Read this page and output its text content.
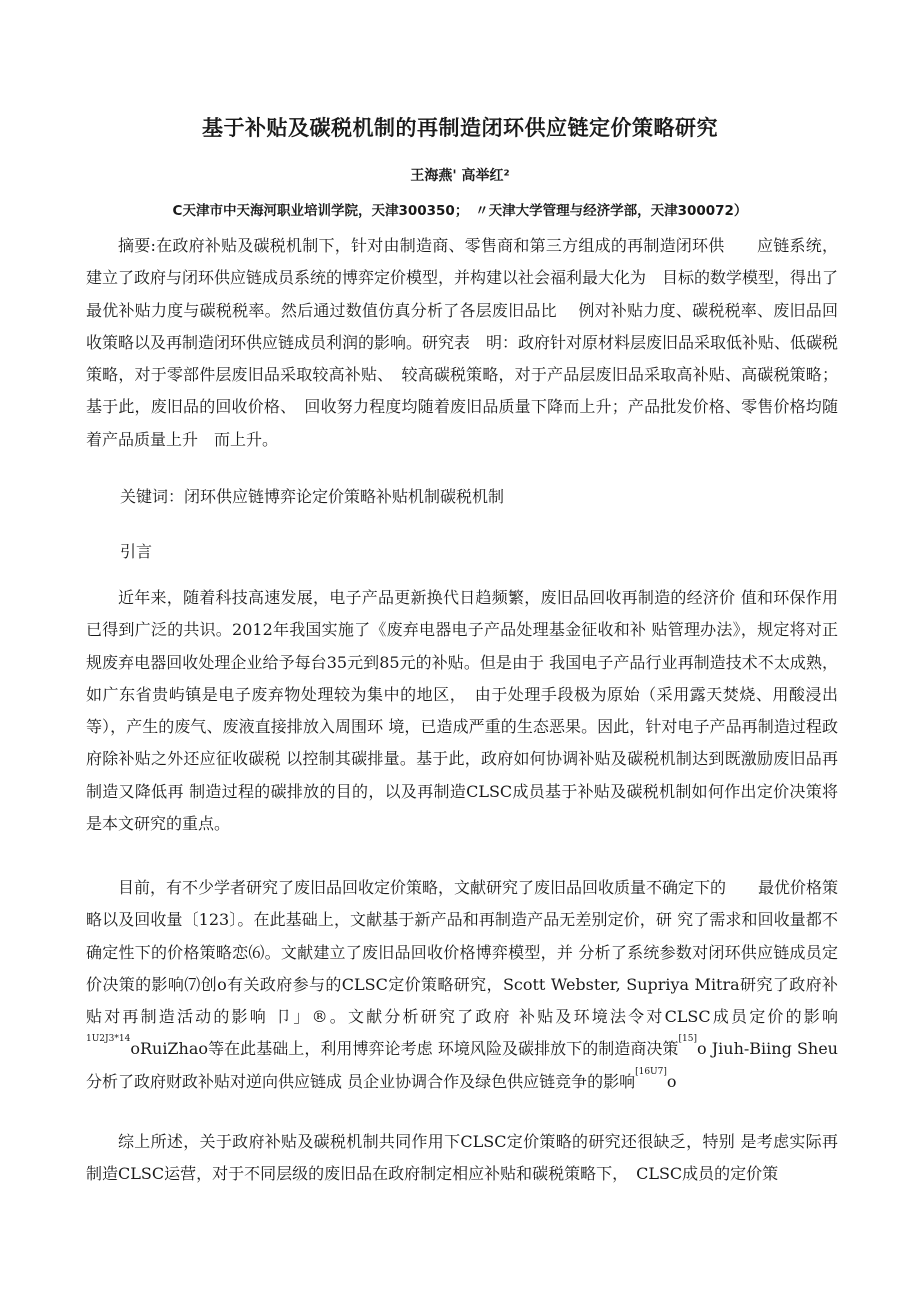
基于补贴及碳税机制的再制造闭环供应链定价策略研究
王海燕' 高举红²
C天津市中天海河职业培训学院，天津300350；　〃天津大学管理与经济学部，天津300072）

摘要:在政府补贴及碳税机制下，针对由制造商、零售商和第三方组成的再制造闭环供　　应链系统，建立了政府与闭环供应链成员系统的博弈定价模型，并构建以社会福利最大化为　目标的数学模型，得出了最优补贴力度与碳税税率。然后通过数值仿真分析了各层废旧品比　 例对补贴力度、碳税税率、废旧品回收策略以及再制造闭环供应链成员利润的影响。研究表　明：政府针对原材料层废旧品采取低补贴、低碳税策略，对于零部件层废旧品采取较高补贴、　较高碳税策略，对于产品层废旧品采取高补贴、高碳税策略；基于此，废旧品的回收价格、　回收努力程度均随着废旧品质量下降而上升；产品批发价格、零售价格均随着产品质量上升　而上升。

关键词：闭环供应链博弈论定价策略补贴机制碳税机制

引言

近年来，随着科技高速发展，电子产品更新换代日趋频繁，废旧品回收再制造的经济价 值和环保作用已得到广泛的共识。2012年我国实施了《废弃电器电子产品处理基金征收和补 贴管理办法》，规定将对正规废弃电器回收处理企业给予每台35元到85元的补贴。但是由于 我国电子产品行业再制造技术不太成熟，如广东省贵屿镇是电子废弃物处理较为集中的地区，　由于处理手段极为原始（采用露天焚烧、用酸浸出等），产生的废气、废液直接排放入周围环 境，已造成严重的生态恶果。因此，针对电子产品再制造过程政府除补贴之外还应征收碳税 以控制其碳排量。基于此，政府如何协调补贴及碳税机制达到既激励废旧品再制造又降低再 制造过程的碳排放的目的，以及再制造CLSC成员基于补贴及碳税机制如何作出定价决策将 是本文研究的重点。

目前，有不少学者研究了废旧品回收定价策略，文献研究了废旧品回收质量不确定下的　　最优价格策略以及回收量〔123〕。在此基础上，文献基于新产品和再制造产品无差别定价，研 究了需求和回收量都不确定性下的价格策略恋⑹。文献建立了废旧品回收价格博弈模型，并 分析了系统参数对闭环供应链成员定价决策的影响⑺创o有关政府参与的CLSC定价策略研究，Scott Webster, Supriya Mitra研究了政府补贴对再制造活动的影响 卩」®。文献分析研究了政府 补贴及环境法令对CLSC成员定价的影响$^{1U2J3*14}$oRuiZhao等在此基础上，利用博弈论考虑 环境风险及碳排放下的制造商决策[15]o Jiuh-Biing Sheu分析了政府财政补贴对逆向供应链成 员企业协调合作及绿色供应链竞争的影响[16U7]o

综上所述，关于政府补贴及碳税机制共同作用下CLSC定价策略的研究还很缺乏，特别 是考虑实际再制造CLSC运营，对于不同层级的废旧品在政府制定相应补贴和碳税策略下，　CLSC成员的定价策
